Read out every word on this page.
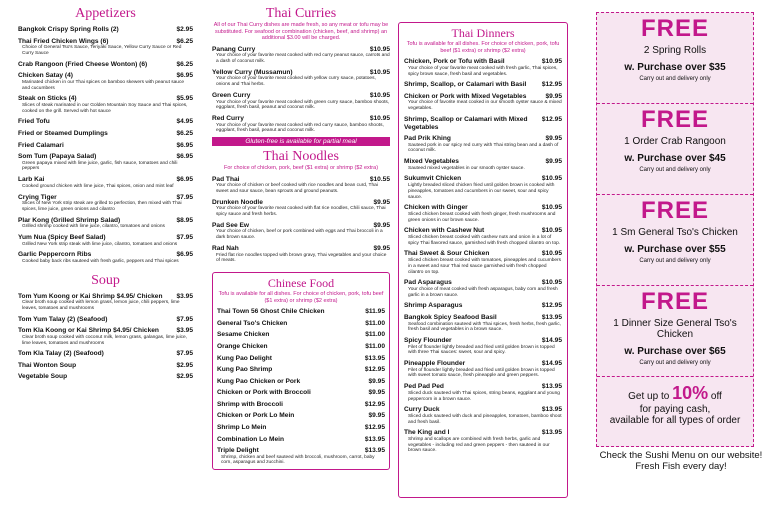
Appetizers
Bangkok Crispy Spring Rolls (2)	$2.95
Thai Fried Chicken Wings (6)	$6.25
Choice of General Tso's Sauce, Teriyaki Sauce, Yellow Curry Sauce or Red Curry Sauce
Crab Rangoon (Fried Cheese Wonton) (6)	$6.25
Chicken Satay (4)	$6.95
Marinated chicken in our Thai spices on bamboo skewers with peanut sauce and cucumbers
Steak on Sticks (4)	$5.95
Slices of steak marinated in our Golden Mountain Soy Sauce and Thai spices, cooked on the grill. Served with hot sauce
Fried Tofu	$4.95
Fried or Steamed Dumplings	$6.25
Fried Calamari	$6.95
Som Tum (Papaya Salad)	$6.95
Green papaya mixed with lime juice, garlic, fish sauce, tomatoes and chili peppers
Larb Kai	$6.95
Cooked ground chicken with lime juice, Thai spices, onion and mint leaf
Crying Tiger	$7.95
Slices of New York strip steak are grilled to perfection, then mixed with Thai spices, lime juice, green onions and cilantro
Plar Kong (Grilled Shrimp Salad)	$8.95
Grilled shrimp cooked with lime juice, cilantro, tomatoes and onions
Yum Nua (Spicy Beef Salad)	$7.95
Grilled New York strip steak with lime juice, cilantro, tomatoes and onions
Garlic Peppercorn Ribs	$6.95
Cooked baby back ribs sauteed with fresh garlic, peppers and Thai spices
Soup
Tom Yum Koong or Kai Shrimp $4.95/ Chicken $3.95
Clear broth soup cooked with lemon grass, lemon juice, chili peppers, lime leaves, tomatoes and mushrooms
Tom Yum Talay (2) (Seafood)	$7.95
Tom Kla Koong or Kai Shrimp $4.95/ Chicken	$3.95
Clear broth soup cooked with coconut milk, lemon grass, galangas, lime juice, lime leaves, tomatoes and mushrooms
Tom Kla Talay (2) (Seafood)	$7.95
Thai Wonton Soup	$2.95
Vegetable Soup	$2.95
Thai Curries
All of our Thai Curry dishes are made fresh, so any meat or tofu may be substituted. For seafood or combination (chicken, beef, and shrimp) an additional $3.00 will be charged.
Panang Curry	$10.95
Your choice of your favorite meat cooked with red curry peanut sauce, carrots and a dash of coconut milk.
Yellow Curry (Mussamun)	$10.95
Your choice of your favorite meat cooked with yellow curry sauce, potatoes, onions and Thai herbs.
Green Curry	$10.95
Your choice of your favorite meat cooked with green curry sauce, bamboo shoots, eggplant, fresh basil, peanut and coconut milk.
Red Curry	$10.95
Your choice of your favorite meat cooked with red curry sauce, bamboo shoots, eggplant, fresh basil, peanut and coconut milk.
Gluten-free is available for partial meal
Thai Noodles
For choice of chicken, pork, beef ($1 extra) or shrimp ($2 extra)
Pad Thai	$10.55
Your choice of chicken or beef cooked with rice noodles and bean curd, Thai sweet and sour sauce, bean sprouts and ground peanuts.
Drunken Noodle	$9.95
Your choice of your favorite meat cooked with flat rice noodles, Chili sauce, Thai spicy sauce and fresh herbs.
Pad See Ew	$9.95
Your choice of chicken, beef or pork combined with eggs and Thai broccoli in a dark brown sauce.
Rad Nah	$9.95
Fried flat rice noodles topped with brown gravy, Thai vegetables and your choice of meats.
Chinese Food
Tofu is available for all dishes. For choice of chicken, pork, tofu beef ($1 extra) or shrimp ($2 extra)
Thai Town 56 Ghost Chile Chicken	$11.95
General Tso's Chicken	$11.00
Sesame Chicken	$11.00
Orange Chicken	$11.00
Kung Pao Delight	$13.95
Kung Pao Shrimp	$12.95
Kung Pao Chicken or Pork	$9.95
Chicken or Pork with Broccoli	$9.95
Shrimp with Broccoli	$12.95
Chicken or Pork Lo Mein	$9.95
Shrimp Lo Mein	$12.95
Combination Lo Mein	$13.95
Triple Delight	$13.95
Shrimp, chicken and beef sauteed with broccoli, mushroom, carrot, baby corn, asparagus and zucchini.
Thai Dinners
Tofu is available for all dishes. For choice of chicken, pork, tofu beef ($1 extra) or shrimp ($2 extra)
Chicken, Pork or Tofu with Basil	$10.95
Your choice of your favorite meat cooked with fresh garlic, Thai spices, spicy brown sauce, fresh basil and vegetables.
Shrimp, Scallop, or Calamari with Basil $12.95
Chicken or Pork with Mixed Vegetables	$9.95
Your choice of favorite meat cooked in our smooth oyster sauce & mixed vegetables.
Shrimp, Scallop or Calamari with Mixed Vegetables
$12.95
Pad Prik Khing	$9.95
Sauteed pork in our spicy red curry with Thai string bean and a dash of coconut milk.
Mixed Vegetables	$9.95
Sauteed mixed vegetables in our smooth oyster sauce.
Sukumvit Chicken	$10.95
Lightly breaded sliced chicken fried until golden brown is cooked with pineapples, tomatoes and cucumbers in our sweet, sour and spicy sauce.
Chicken with Ginger	$10.95
Sliced chicken breast cooked with fresh ginger, fresh mushrooms and green onions in our brown sauce.
Chicken with Cashew Nut	$10.95
Sliced chicken breast cooked with cashew nuts and onion in a lot of spicy Thai flavored sauce, garnished with fresh chopped cilantro on top.
Thai Sweet & Sour Chicken	$10.95
Sliced chicken breast cooked with tomatoes, pineapples and cucumbers in a sweet and sour Thai red sauce garnished with fresh chopped cilantro on top.
Pad Asparagus	$10.95
Your choice of meat cooked with fresh asparagus, baby corn and fresh garlic in a brown sauce.
Shrimp Asparagus	$12.95
Bangkok Spicy Seafood Basil	$13.95
Seafood combination sauteed with Thai spices, fresh herbs, fresh garlic, fresh basil and vegetables in a brown sauce.
Spicy Flounder	$14.95
Filet of flounder lightly breaded and fried until golden brown is topped with three Thai sauces: sweet, sour and spicy.
Pineapple Flounder	$14.95
Filet of flounder lightly breaded and fried until golden brown is topped with sweet tomato sauce, fresh pineapple and green peppers.
Ped Pad Ped	$13.95
Sliced duck sauteed with Thai spices, string beans, eggplant and young peppercorn in a brown sauce.
Curry Duck	$13.95
Sliced duck sauteed with duck and pineapples, tomatoes, bamboo shoot and fresh basil.
The King and I	$13.95
Shrimp and scallops are combined with fresh herbs, garlic and vegetables - including red and green peppers - then sauteed in our brown sauce.
FREE
2 Spring Rolls
w. Purchase over $35
Carry out and delivery only
FREE
1 Order Crab Rangoon
w. Purchase over $45
Carry out and delivery only
FREE
1 Sm General Tso's Chicken
w. Purchase over $55
Carry out and delivery only
FREE
1 Dinner Size General Tso's Chicken
w. Purchase over $65
Carry out and delivery only
Get up to 10% off
for paying cash,
available for all types of order
Check the Sushi Menu on our website!
Fresh Fish every day!
